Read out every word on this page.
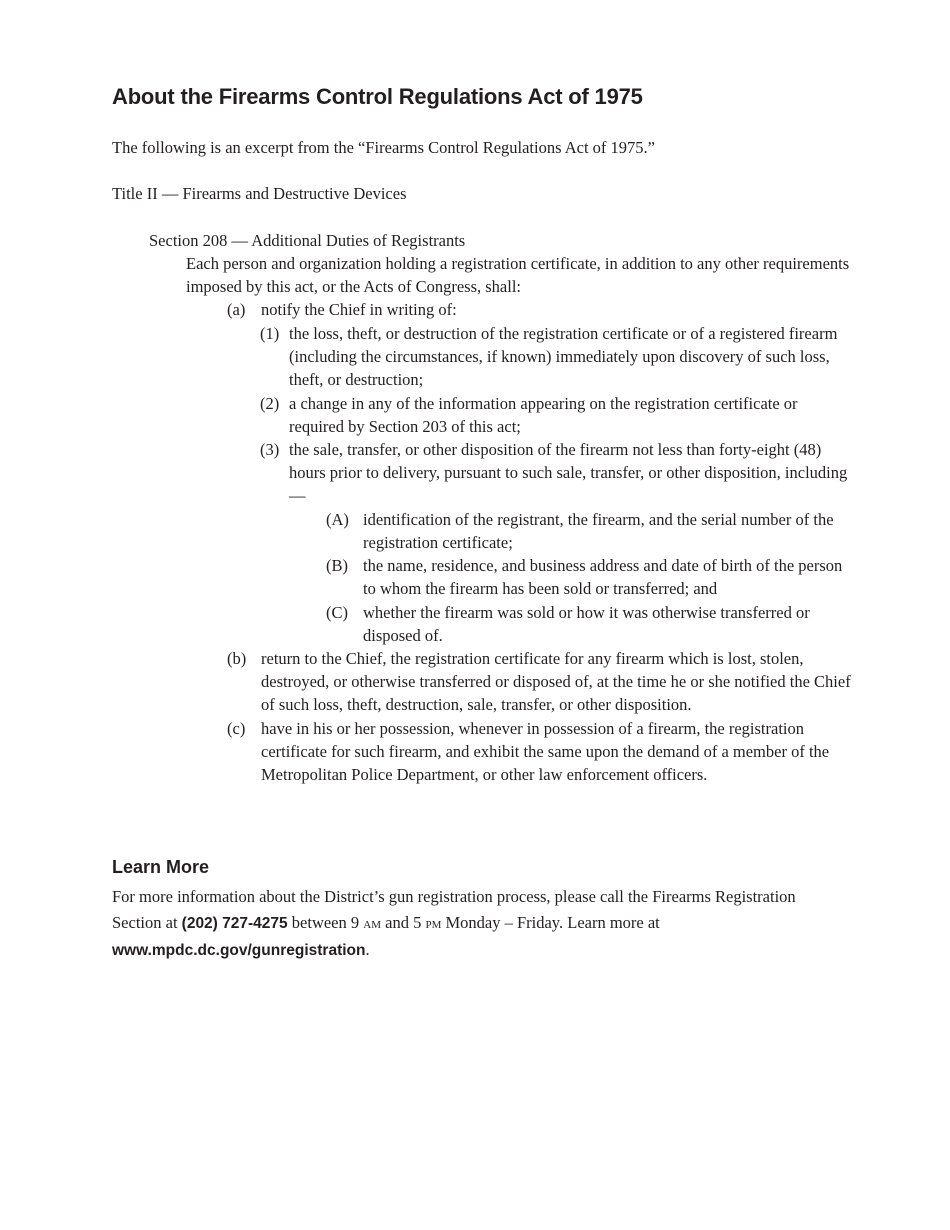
About the Firearms Control Regulations Act of 1975

The following is an excerpt from the “Firearms Control Regulations Act of 1975.”

Title II — Firearms and Destructive Devices

Section 208 — Additional Duties of Registrants

Each person and organization holding a registration certificate, in addition to any other requirements imposed by this act, or the Acts of Congress, shall:

(a) notify the Chief in writing of:
(1) the loss, theft, or destruction of the registration certificate or of a registered firearm (including the circumstances, if known) immediately upon discovery of such loss, theft, or destruction;
(2) a change in any of the information appearing on the registration certificate or required by Section 203 of this act;
(3) the sale, transfer, or other disposition of the firearm not less than forty-eight (48) hours prior to delivery, pursuant to such sale, transfer, or other disposition, including —
(A) identification of the registrant, the firearm, and the serial number of the registration certificate;
(B) the name, residence, and business address and date of birth of the person to whom the firearm has been sold or transferred; and
(C) whether the firearm was sold or how it was otherwise transferred or disposed of.
(b) return to the Chief, the registration certificate for any firearm which is lost, stolen, destroyed, or otherwise transferred or disposed of, at the time he or she notified the Chief of such loss, theft, destruction, sale, transfer, or other disposition.
(c) have in his or her possession, whenever in possession of a firearm, the registration certificate for such firearm, and exhibit the same upon the demand of a member of the Metropolitan Police Department, or other law enforcement officers.
Learn More

For more information about the District’s gun registration process, please call the Firearms Registration Section at (202) 727-4275 between 9 am and 5 pm Monday – Friday. Learn more at www.mpdc.dc.gov/gunregistration.
